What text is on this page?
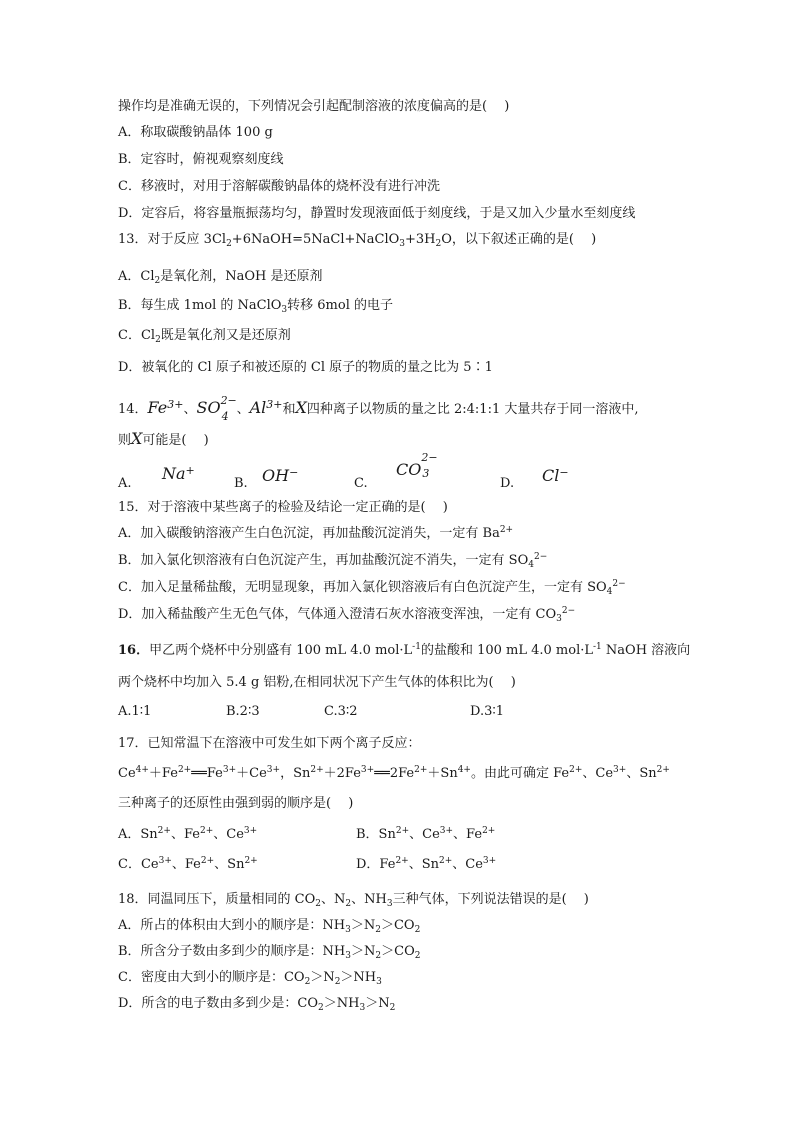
操作均是准确无误的，下列情况会引起配制溶液的浓度偏高的是(　 )
A．称取碳酸钠晶体 100 g
B．定容时，俯视观察刻度线
C．移液时，对用于溶解碳酸钠晶体的烧杯没有进行冲洗
D．定容后，将容量瓶振荡均匀，静置时发现液面低于刻度线，于是又加入少量水至刻度线
13．对于反应 $3Cl_2+6NaOH=5NaCl+NaClO_3+3H_2O$，以下叙述正确的是(　 )
A．$Cl_2$是氧化剂，NaOH 是还原剂
B．每生成 1mol 的 NaClO$_3$转移 6mol 的电子
C．$Cl_2$既是氧化剂又是还原剂
D．被氧化的 Cl 原子和被还原的 Cl 原子的物质的量之比为 5∶1
14．$Fe^{3+}$、SO 2−
4 、$Al^{3+}$和X四种离子以物质的量之比 2:4:1:1 大量共存于同一溶液中,
则X可能是(　 )
A.
Na+
B. OH−
C.
CO
2−
3
D. Cl−
15．对于溶液中某些离子的检验及结论一定正确的是(　 )
A．加入碳酸钠溶液产生白色沉淀，再加盐酸沉淀消失，一定有 $Ba^{2+}$
B．加入氯化钡溶液有白色沉淀产生，再加盐酸沉淀不消失，一定有 $SO_4^{2-}$
C．加入足量稀盐酸，无明显现象，再加入氯化钡溶液后有白色沉淀产生，一定有 $SO_4^{2-}$
D．加入稀盐酸产生无色气体，气体通入澄清石灰水溶液变浑浊，一定有 $CO_3^{2-}$
16．甲乙两个烧杯中分别盛有 100 mL 4.0 $mol\cdot L^{-1}$的盐酸和 100 mL 4.0 $mol\cdot L^{-1}$ NaOH 溶液向
两个烧杯中均加入 5.4 g 铝粉,在相同状况下产生气体的体积比为(　 )
A.1∶1	B.2∶3	C.3∶2	D.3∶1
17．已知常温下在溶液中可发生如下两个离子反应：
$Ce^{4+}+Fe^{2+}══Fe^{3+}+Ce^{3+}$，$Sn^{2+}+2Fe^{3+}══2Fe^{2+}+Sn^{4+}$。由此可确定 $Fe^{2+}$、$Ce^{3+}$、$Sn^{2+}$
三种离子的还原性由强到弱的顺序是(　 )
A．$Sn^{2+}$、$Fe^{2+}$、$Ce^{3+}$	B．$Sn^{2+}$、$Ce^{3+}$、$Fe^{2+}$
C．$Ce^{3+}$、$Fe^{2+}$、$Sn^{2+}$	D．$Fe^{2+}$、$Sn^{2+}$、$Ce^{3+}$
18．同温同压下，质量相同的 $CO_2$、$N_2$、$NH_3$三种气体，下列说法错误的是(　 )
A．所占的体积由大到小的顺序是：$NH_3>N_2>CO_2$
B．所含分子数由多到少的顺序是：$NH_3>N_2>CO_2$
C．密度由大到小的顺序是：$CO_2>N_2>NH_3$
D．所含的电子数由多到少是：$CO_2>NH_3>N_2$
